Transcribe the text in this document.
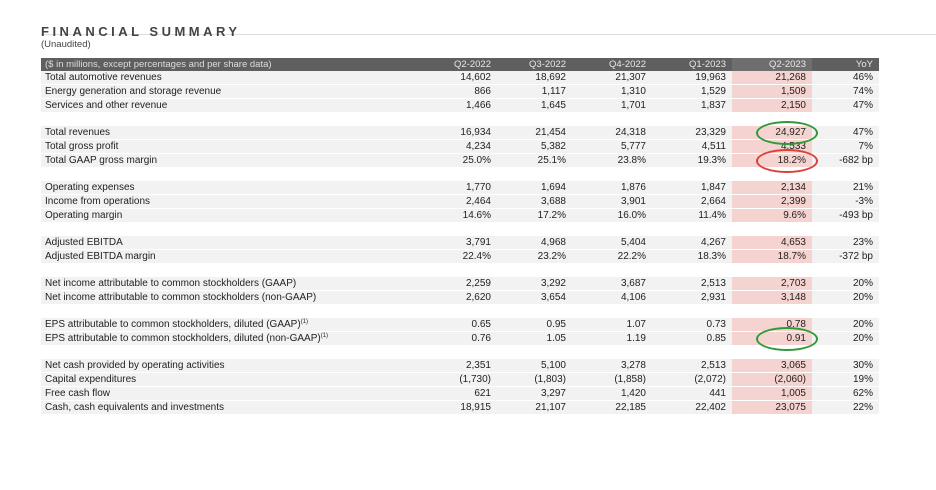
FINANCIAL SUMMARY
(Unaudited)
($ in millions, except percentages and per share data)	Q2-2022	Q3-2022	Q4-2022	Q1-2023	Q2-2023	YoY
Total automotive revenues	14,602	18,692	21,307	19,963	21,268	46%
Energy generation and storage revenue	866	1,117	1,310	1,529	1,509	74%
Services and other revenue	1,466	1,645	1,701	1,837	2,150	47%

Total revenues	16,934	21,454	24,318	23,329	24,927	47%
Total gross profit	4,234	5,382	5,777	4,511	4,533	7%
Total GAAP gross margin	25.0%	25.1%	23.8%	19.3%	18.2%	-682 bp

Operating expenses	1,770	1,694	1,876	1,847	2,134	21%
Income from operations	2,464	3,688	3,901	2,664	2,399	-3%
Operating margin	14.6%	17.2%	16.0%	11.4%	9.6%	-493 bp

Adjusted EBITDA	3,791	4,968	5,404	4,267	4,653	23%
Adjusted EBITDA margin	22.4%	23.2%	22.2%	18.3%	18.7%	-372 bp

Net income attributable to common stockholders (GAAP)	2,259	3,292	3,687	2,513	2,703	20%
Net income attributable to common stockholders (non-GAAP)	2,620	3,654	4,106	2,931	3,148	20%

EPS attributable to common stockholders, diluted (GAAP)$^{(1)}$	0.65	0.95	1.07	0.73	0.78	20%
EPS attributable to common stockholders, diluted (non-GAAP)$^{(1)}$	0.76	1.05	1.19	0.85	0.91	20%

Net cash provided by operating activities	2,351	5,100	3,278	2,513	3,065	30%
Capital expenditures	(1,730)	(1,803)	(1,858)	(2,072)	(2,060)	19%
Free cash flow	621	3,297	1,420	441	1,005	62%
Cash, cash equivalents and investments	18,915	21,107	22,185	22,402	23,075	22%
